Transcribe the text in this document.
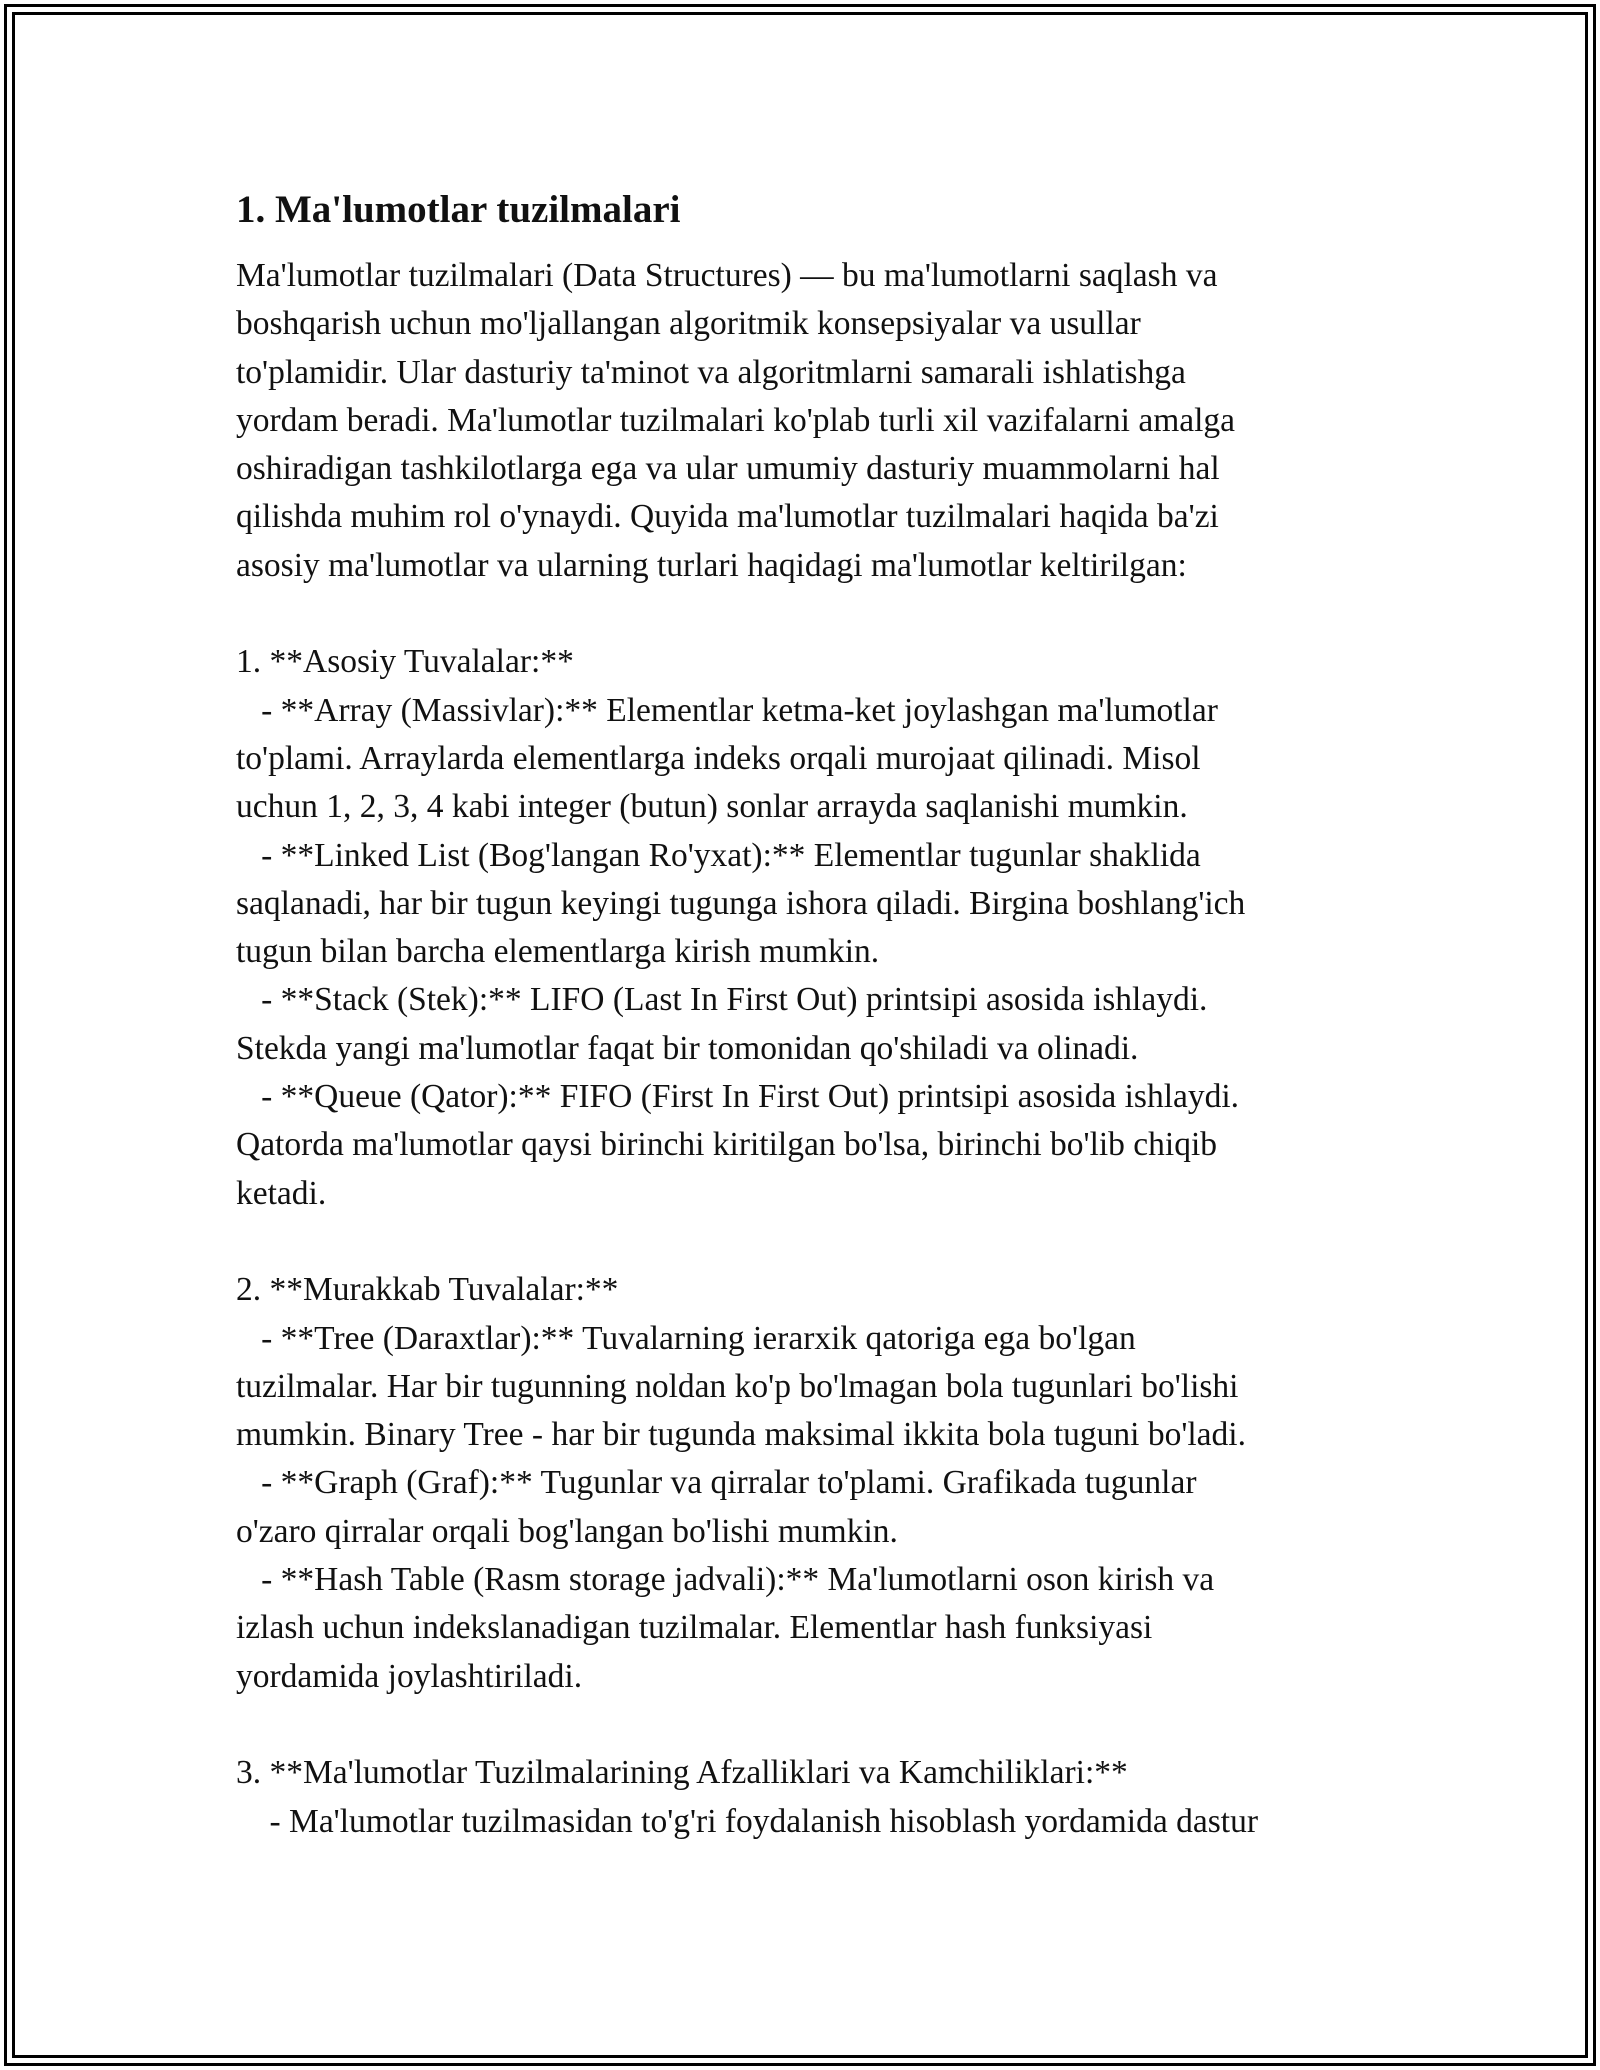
1. Ma'lumotlar tuzilmalari
Ma'lumotlar tuzilmalari (Data Structures) — bu ma'lumotlarni saqlash va
boshqarish uchun mo'ljallangan algoritmik konsepsiyalar va usullar
to'plamidir. Ular dasturiy ta'minot va algoritmlarni samarali ishlatishga
yordam beradi. Ma'lumotlar tuzilmalari ko'plab turli xil vazifalarni amalga
oshiradigan tashkilotlarga ega va ular umumiy dasturiy muammolarni hal
qilishda muhim rol o'ynaydi. Quyida ma'lumotlar tuzilmalari haqida ba'zi
asosiy ma'lumotlar va ularning turlari haqidagi ma'lumotlar keltirilgan:
1. **Asosiy Tuvalalar:**
- **Array (Massivlar):** Elementlar ketma-ket joylashgan ma'lumotlar
to'plami. Arraylarda elementlarga indeks orqali murojaat qilinadi. Misol
uchun 1, 2, 3, 4 kabi integer (butun) sonlar arrayda saqlanishi mumkin.
- **Linked List (Bog'langan Ro'yxat):** Elementlar tugunlar shaklida
saqlanadi, har bir tugun keyingi tugunga ishora qiladi. Birgina boshlang'ich
tugun bilan barcha elementlarga kirish mumkin.
- **Stack (Stek):** LIFO (Last In First Out) printsipi asosida ishlaydi.
Stekda yangi ma'lumotlar faqat bir tomonidan qo'shiladi va olinadi.
- **Queue (Qator):** FIFO (First In First Out) printsipi asosida ishlaydi.
Qatorda ma'lumotlar qaysi birinchi kiritilgan bo'lsa, birinchi bo'lib chiqib
ketadi.
2. **Murakkab Tuvalalar:**
- **Tree (Daraxtlar):** Tuvalarning ierarxik qatoriga ega bo'lgan
tuzilmalar. Har bir tugunning noldan ko'p bo'lmagan bola tugunlari bo'lishi
mumkin. Binary Tree - har bir tugunda maksimal ikkita bola tuguni bo'ladi.
- **Graph (Graf):** Tugunlar va qirralar to'plami. Grafikada tugunlar
o'zaro qirralar orqali bog'langan bo'lishi mumkin.
- **Hash Table (Rasm storage jadvali):** Ma'lumotlarni oson kirish va
izlash uchun indekslanadigan tuzilmalar. Elementlar hash funksiyasi
yordamida joylashtiriladi.
3. **Ma'lumotlar Tuzilmalarining Afzalliklari va Kamchiliklari:**
- Ma'lumotlar tuzilmasidan to'g'ri foydalanish hisoblash yordamida dastur
